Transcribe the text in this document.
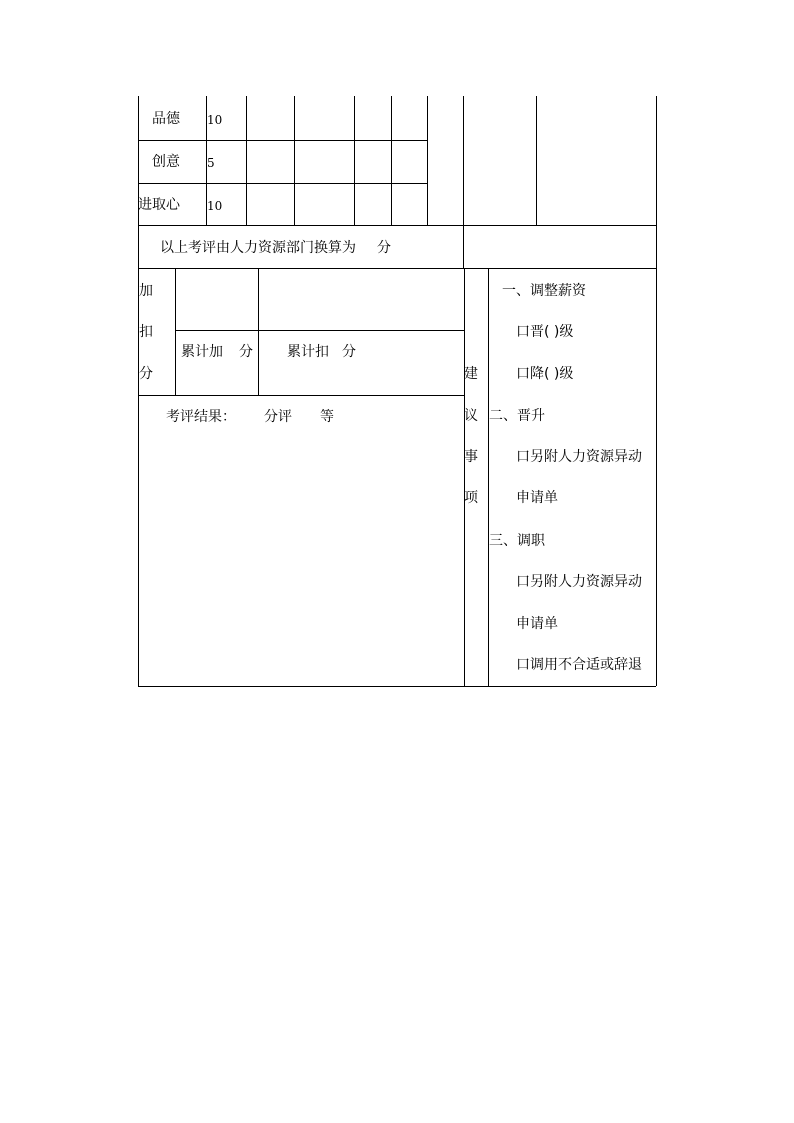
品德 10
创意 5
进取心 10
以上考评由人力资源部门换算为 分
加
扣
分
累计加 分 累计扣 分
考评结果： 分评 等
建
议
事
项
一、调整薪资
口晋( )级
口降( )级
二、晋升
口另附人力资源异动
申请单
三、调职
口另附人力资源异动
申请单
口调用不合适或辞退
